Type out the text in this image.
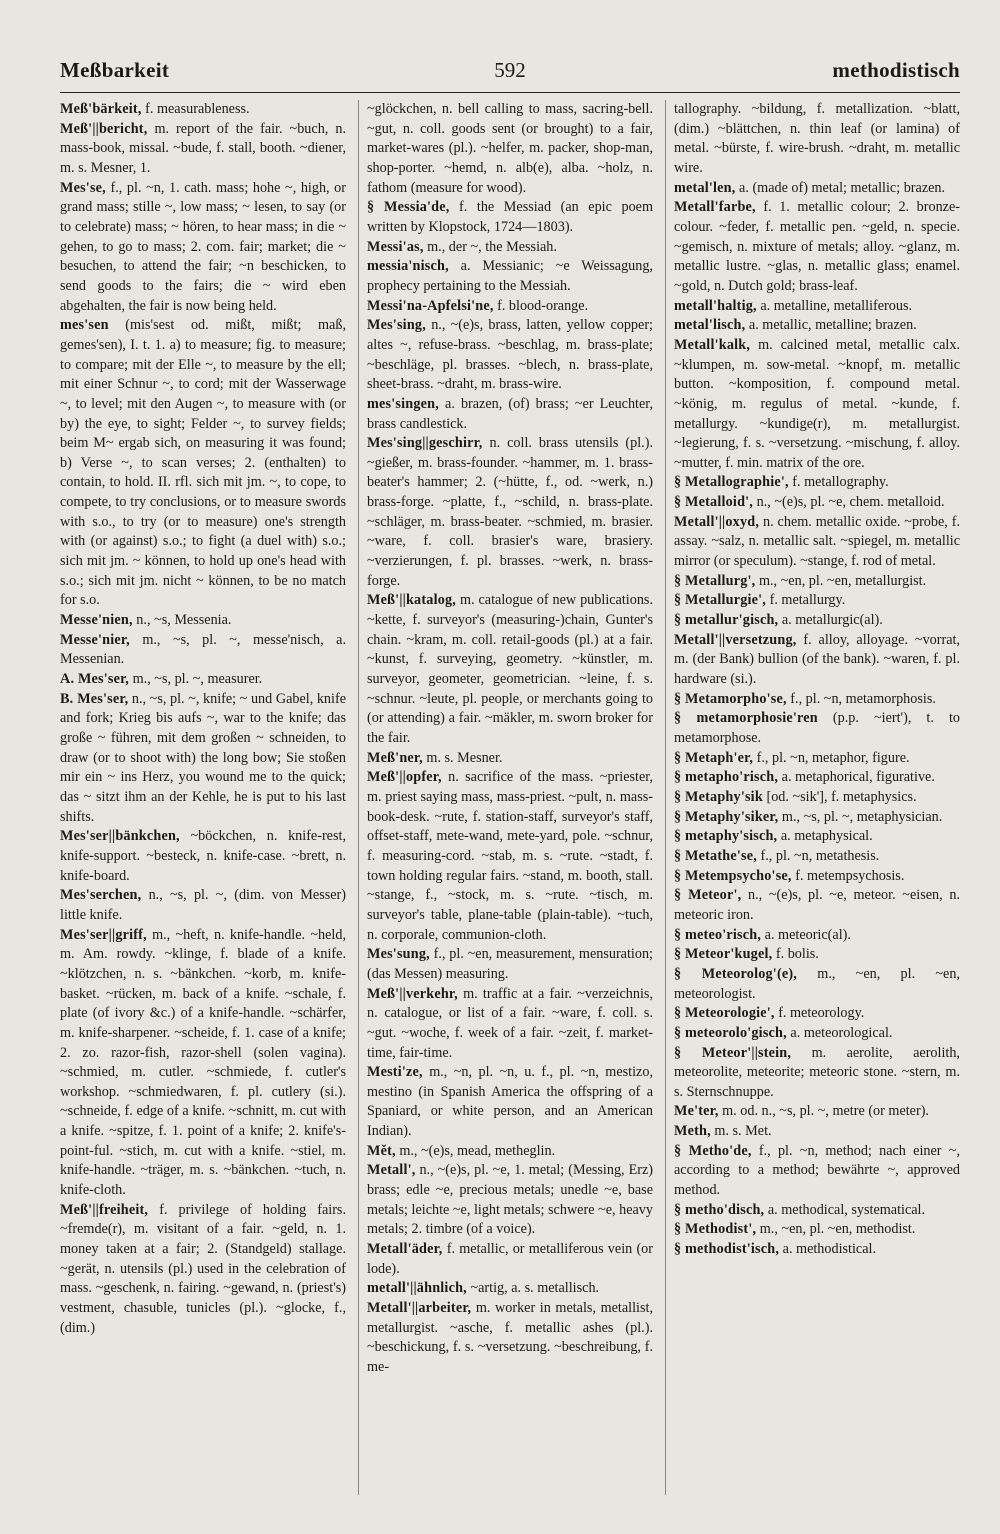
Meßbarkeit	592	methodistisch

Meß'bärkeit, f. measurableness.

Meß'||bericht, m. report of the fair. ~buch, n. mass-book, missal. ~bude, f. stall, booth. ~diener, m. s. Mesner, 1.

Mes'se, f., pl. ~n, 1. cath. mass; hohe ~, high, or grand mass; stille ~, low mass; ~ lesen, to say (or to celebrate) mass; ~ hören, to hear mass; in die ~ gehen, to go to mass; 2. com. fair; market; die ~ besuchen, to attend the fair; ~n beschicken, to send goods to the fairs; die ~ wird eben abgehalten, the fair is now being held.

mes'sen (mis'sest od. mißt, mißt; maß, gemes'sen), I. t. 1. a) to measure; fig. to measure; to compare; mit der Elle ~, to measure by the ell; mit einer Schnur ~, to cord; mit der Wasserwage ~, to level; mit den Augen ~, to measure with (or by) the eye, to sight; Felder ~, to survey fields; beim M~ ergab sich, on measuring it was found; b) Verse ~, to scan verses; 2. (enthalten) to contain, to hold. II. rfl. sich mit jm. ~, to cope, to compete, to try conclusions, or to measure swords with s.o., to try (or to measure) one's strength with (or against) s.o.; to fight (a duel with) s.o.; sich mit jm. ~ können, to hold up one's head with s.o.; sich mit jm. nicht ~ können, to be no match for s.o.

Messe'nien, n., ~s, Messenia.

Messe'nier, m., ~s, pl. ~, messe'nisch, a. Messenian.

A. Mes'ser, m., ~s, pl. ~, measurer.

B. Mes'ser, n., ~s, pl. ~, knife; ~ und Gabel, knife and fork; Krieg bis aufs ~, war to the knife; das große ~ führen, mit dem großen ~ schneiden, to draw (or to shoot with) the long bow; Sie stoßen mir ein ~ ins Herz, you wound me to the quick; das ~ sitzt ihm an der Kehle, he is put to his last shifts.

Mes'ser||bänkchen, ~böckchen, n. knife-rest, knife-support. ~besteck, n. knife-case. ~brett, n. knife-board.

Mes'serchen, n., ~s, pl. ~, (dim. von Messer) little knife.

Mes'ser||griff, m., ~heft, n. knife-handle. ~held, m. Am. rowdy. ~klinge, f. blade of a knife. ~klötzchen, n. s. ~bänkchen. ~korb, m. knife-basket. ~rücken, m. back of a knife. ~schale, f. plate (of ivory &c.) of a knife-handle. ~schärfer, m. knife-sharpener. ~scheide, f. 1. case of a knife; 2. zo. razor-fish, razor-shell (solen vagina). ~schmied, m. cutler. ~schmiede, f. cutler's workshop. ~schmiedwaren, f. pl. cutlery (si.). ~schneide, f. edge of a knife. ~schnitt, m. cut with a knife. ~spitze, f. 1. point of a knife; 2. knife's-point-ful. ~stich, m. cut with a knife. ~stiel, m. knife-handle. ~träger, m. s. ~bänkchen. ~tuch, n. knife-cloth.

Meß'||freiheit, f. privilege of holding fairs. ~fremde(r), m. visitant of a fair. ~geld, n. 1. money taken at a fair; 2. (Standgeld) stallage. ~gerät, n. utensils (pl.) used in the celebration of mass. ~geschenk, n. fairing. ~gewand, n. (priest's) vestment, chasuble, tunicles (pl.). ~glocke, f., (dim.)

~glöckchen, n. bell calling to mass, sacring-bell. ~gut, n. coll. goods sent (or brought) to a fair, market-wares (pl.). ~helfer, m. packer, shop-man, shop-porter. ~hemd, n. alb(e), alba. ~holz, n. fathom (measure for wood).

§ Messia'de, f. the Messiad (an epic poem written by Klopstock, 1724—1803).

Messi'as, m., der ~, the Messiah.

messia'nisch, a. Messianic; ~e Weissagung, prophecy pertaining to the Messiah.

Messi'na-Apfelsi'ne, f. blood-orange.

Mes'sing, n., ~(e)s, brass, latten, yellow copper; altes ~, refuse-brass. ~beschlag, m. brass-plate; ~beschläge, pl. brasses. ~blech, n. brass-plate, sheet-brass. ~draht, m. brass-wire.

mes'singen, a. brazen, (of) brass; ~er Leuchter, brass candlestick.

Mes'sing||geschirr, n. coll. brass utensils (pl.). ~gießer, m. brass-founder. ~hammer, m. 1. brass-beater's hammer; 2. (~hütte, f., od. ~werk, n.) brass-forge. ~platte, f., ~schild, n. brass-plate. ~schläger, m. brass-beater. ~schmied, m. brasier. ~ware, f. coll. brasier's ware, brasiery. ~verzierungen, f. pl. brasses. ~werk, n. brass-forge.

Meß'||katalog, m. catalogue of new publications. ~kette, f. surveyor's (measuring-)chain, Gunter's chain. ~kram, m. coll. retail-goods (pl.) at a fair. ~kunst, f. surveying, geometry. ~künstler, m. surveyor, geometer, geometrician. ~leine, f. s. ~schnur. ~leute, pl. people, or merchants going to (or attending) a fair. ~mäkler, m. sworn broker for the fair.

Meß'ner, m. s. Mesner.

Meß'||opfer, n. sacrifice of the mass. ~priester, m. priest saying mass, mass-priest. ~pult, n. mass-book-desk. ~rute, f. station-staff, surveyor's staff, offset-staff, mete-wand, mete-yard, pole. ~schnur, f. measuring-cord. ~stab, m. s. ~rute. ~stadt, f. town holding regular fairs. ~stand, m. booth, stall. ~stange, f., ~stock, m. s. ~rute. ~tisch, m. surveyor's table, plane-table (plain-table). ~tuch, n. corporale, communion-cloth.

Mes'sung, f., pl. ~en, measurement, mensuration; (das Messen) measuring.

Meß'||verkehr, m. traffic at a fair. ~verzeichnis, n. catalogue, or list of a fair. ~ware, f. coll. s. ~gut. ~woche, f. week of a fair. ~zeit, f. market-time, fair-time.

Mesti'ze, m., ~n, pl. ~n, u. f., pl. ~n, mestizo, mestino (in Spanish America the offspring of a Spaniard, or white person, and an American Indian).

Mět, m., ~(e)s, mead, metheglin.

Metall', n., ~(e)s, pl. ~e, 1. metal; (Messing, Erz) brass; edle ~e, precious metals; unedle ~e, base metals; leichte ~e, light metals; schwere ~e, heavy metals; 2. timbre (of a voice).

Metall'äder, f. metallic, or metalliferous vein (or lode).

metall'||ähnlich, ~artig, a. s. metallisch.

Metall'||arbeiter, m. worker in metals, metallist, metallurgist. ~asche, f. metallic ashes (pl.). ~beschickung, f. s. ~versetzung. ~beschreibung, f. me-

tallography. ~bildung, f. metallization. ~blatt, (dim.) ~blättchen, n. thin leaf (or lamina) of metal. ~bürste, f. wire-brush. ~draht, m. metallic wire.

metal'len, a. (made of) metal; metallic; brazen.

Metall'farbe, f. 1. metallic colour; 2. bronze-colour. ~feder, f. metallic pen. ~geld, n. specie. ~gemisch, n. mixture of metals; alloy. ~glanz, m. metallic lustre. ~glas, n. metallic glass; enamel. ~gold, n. Dutch gold; brass-leaf.

metall'haltig, a. metalline, metalliferous.

metal'lisch, a. metallic, metalline; brazen.

Metall'kalk, m. calcined metal, metallic calx. ~klumpen, m. sow-metal. ~knopf, m. metallic button. ~komposition, f. compound metal. ~könig, m. regulus of metal. ~kunde, f. metallurgy. ~kundige(r), m. metallurgist. ~legierung, f. s. ~versetzung. ~mischung, f. alloy. ~mutter, f. min. matrix of the ore.

§ Metallographie', f. metallography.

§ Metalloid', n., ~(e)s, pl. ~e, chem. metalloid.

Metall'||oxyd, n. chem. metallic oxide. ~probe, f. assay. ~salz, n. metallic salt. ~spiegel, m. metallic mirror (or speculum). ~stange, f. rod of metal.

§ Metallurg', m., ~en, pl. ~en, metallurgist.

§ Metallurgie', f. metallurgy.

§ metallur'gisch, a. metallurgic(al).

Metall'||versetzung, f. alloy, alloyage. ~vorrat, m. (der Bank) bullion (of the bank). ~waren, f. pl. hardware (si.).

§ Metamorpho'se, f., pl. ~n, metamorphosis.

§ metamorphosie'ren (p.p. ~iert'), t. to metamorphose.

§ Metaph'er, f., pl. ~n, metaphor, figure.

§ metapho'risch, a. metaphorical, figurative.

§ Metaphy'sik [od. ~sik'], f. metaphysics.

§ Metaphy'siker, m., ~s, pl. ~, metaphysician.

§ metaphy'sisch, a. metaphysical.

§ Metathe'se, f., pl. ~n, metathesis.

§ Metempsycho'se, f. metempsychosis.

§ Meteor', n., ~(e)s, pl. ~e, meteor. ~eisen, n. meteoric iron.

§ meteo'risch, a. meteoric(al).

§ Meteor'kugel, f. bolis.

§ Meteorolog'(e), m., ~en, pl. ~en, meteorologist.

§ Meteorologie', f. meteorology.

§ meteorolo'gisch, a. meteorological.

§ Meteor'||stein, m. aerolite, aerolith, meteorolite, meteorite; meteoric stone. ~stern, m. s. Sternschnuppe.

Me'ter, m. od. n., ~s, pl. ~, metre (or meter).

Meth, m. s. Met.

§ Metho'de, f., pl. ~n, method; nach einer ~, according to a method; bewährte ~, approved method.

§ metho'disch, a. methodical, systematical.

§ Methodist', m., ~en, pl. ~en, methodist.

§ methodist'isch, a. methodistical.
